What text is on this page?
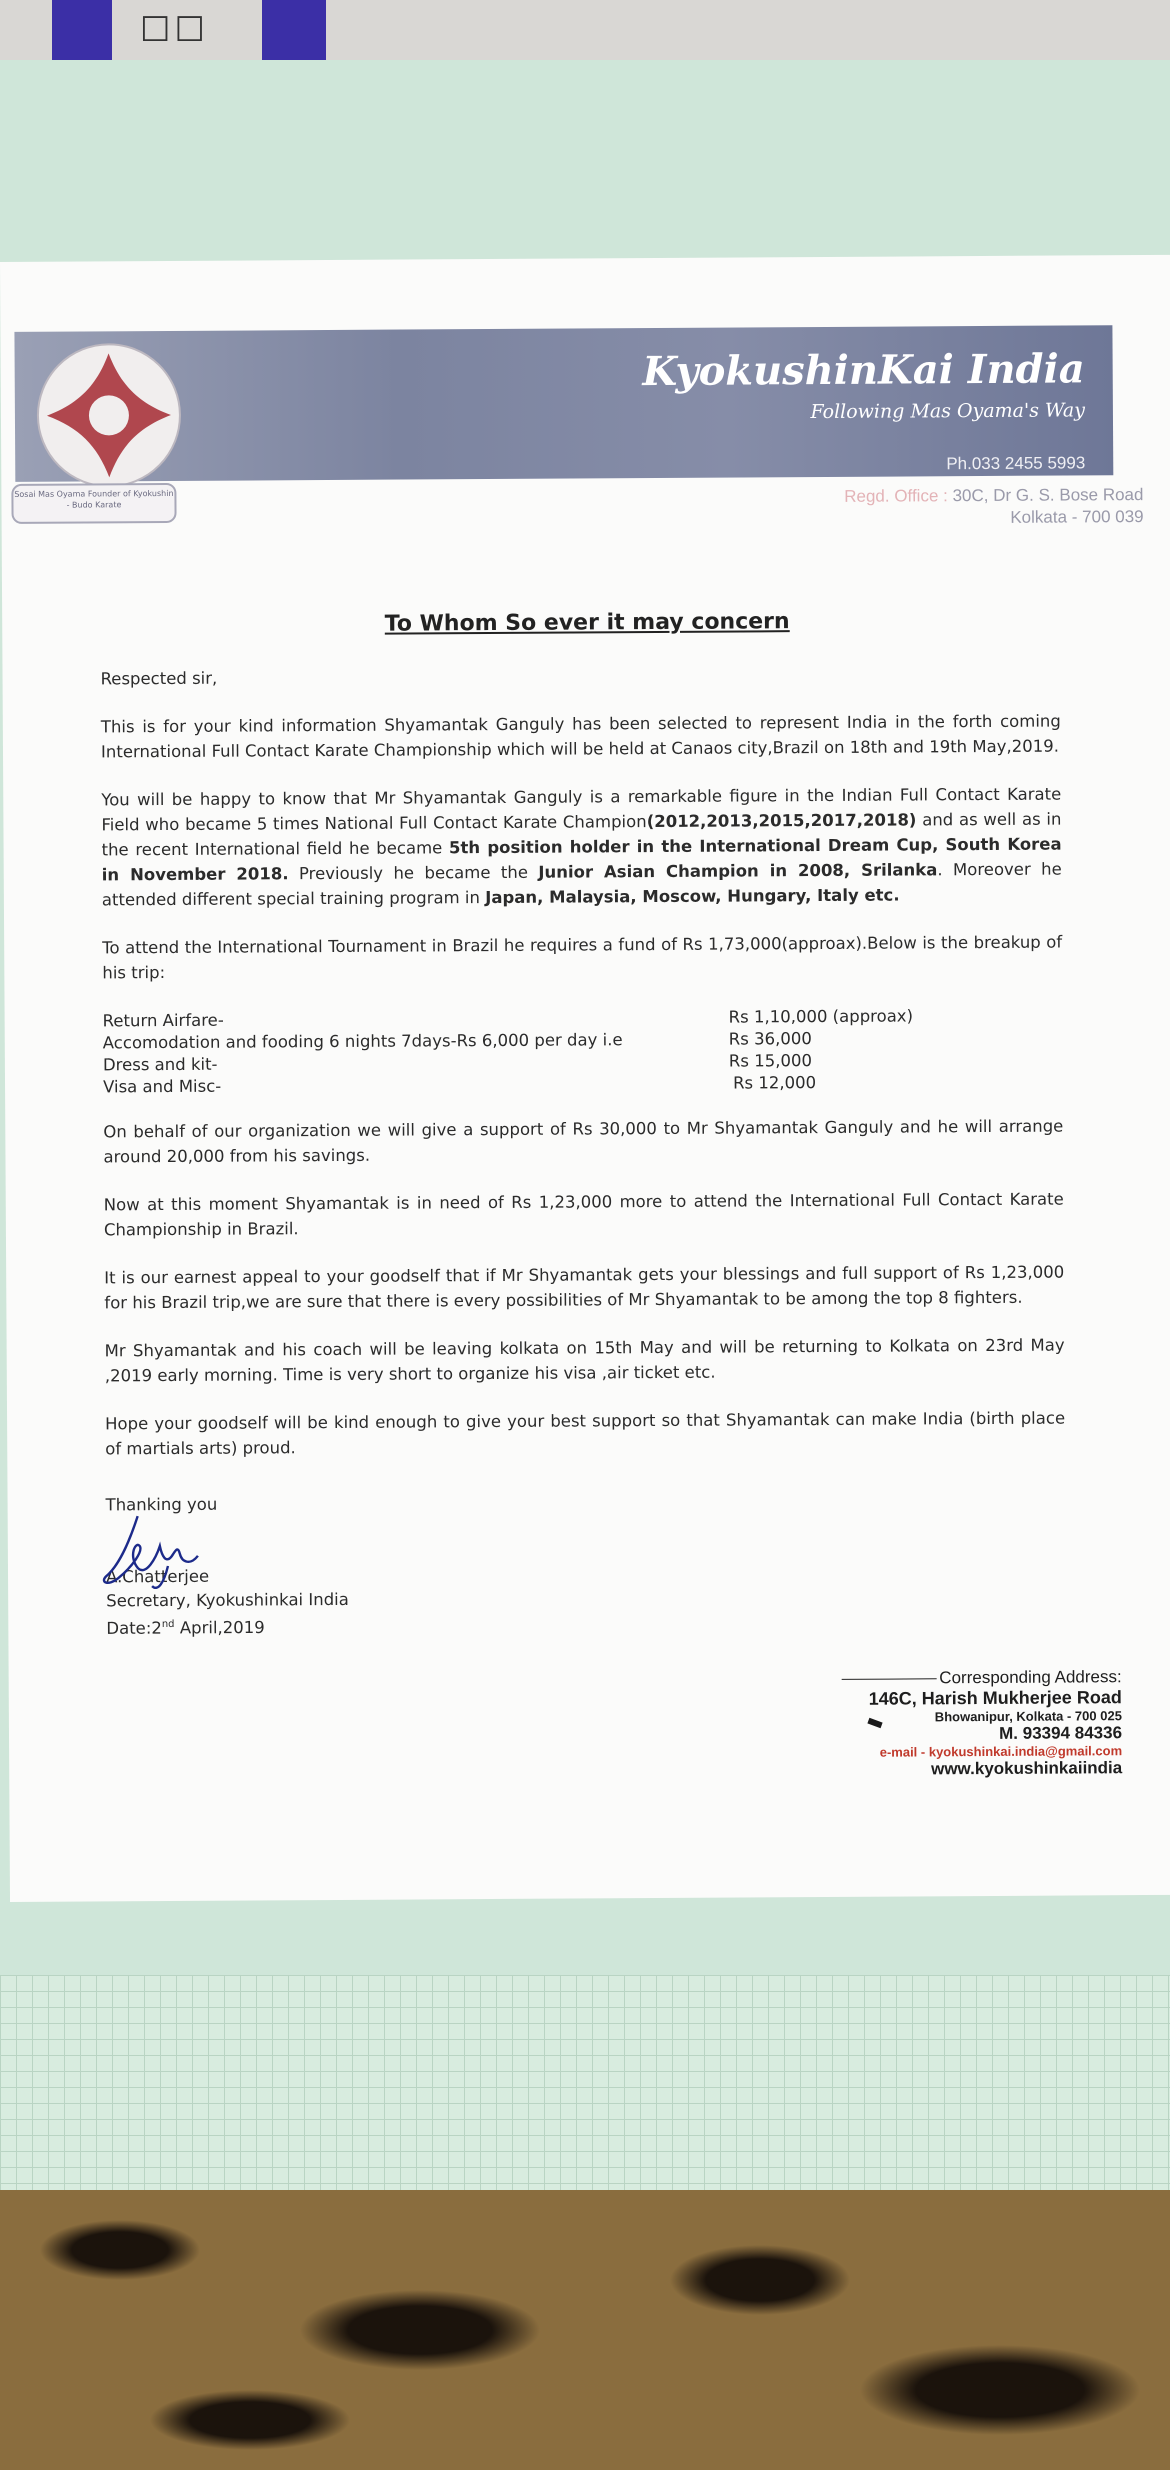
☐☐
KyokushinKai India
Following Mas Oyama's Way
Ph.033 2455 5993
Sosai Mas Oyama Founder of Kyokushin - Budo Karate	Regd. Office : 30C, Dr G. S. Bose Road
Kolkata - 700 039
To Whom So ever it may concern

Respected sir,

This is for your kind information Shyamantak Ganguly has been selected to represent India in the forth coming International Full Contact Karate Championship which will be held at Canaos city,Brazil on 18th and 19th May,2019.

You will be happy to know that Mr Shyamantak Ganguly is a remarkable figure in the Indian Full Contact Karate Field who became 5 times National Full Contact Karate Champion(2012,2013,2015,2017,2018) and as well as in the recent International field he became 5th position holder in the International Dream Cup, South Korea in November 2018. Previously he became the Junior Asian Champion in 2008, Srilanka. Moreover he attended different special training program in Japan, Malaysia, Moscow, Hungary, Italy etc.

To attend the International Tournament in Brazil he requires a fund of Rs 1,73,000(approax).Below is the breakup of his trip:

Return Airfare-	Rs 1,10,000 (approax)
Accomodation and fooding 6 nights 7days-Rs 6,000 per day i.e	Rs 36,000
Dress and kit-	Rs 15,000
Visa and Misc-	Rs 12,000

On behalf of our organization we will give a support of Rs 30,000 to Mr Shyamantak Ganguly and he will arrange around 20,000 from his savings.

Now at this moment Shyamantak is in need of Rs 1,23,000 more to attend the International Full Contact Karate Championship in Brazil.

It is our earnest appeal to your goodself that if Mr Shyamantak gets your blessings and full support of Rs 1,23,000 for his Brazil trip,we are sure that there is every possibilities of Mr Shyamantak to be among the top 8 fighters.

Mr Shyamantak and his coach will be leaving kolkata on 15th May and will be returning to Kolkata on 23rd May ,2019 early morning. Time is very short to organize his visa ,air ticket etc.

Hope your goodself will be kind enough to give your best support so that Shyamantak can make India (birth place of martials arts) proud.

Thanking you
A.Chatterjee
Secretary, Kyokushinkai India
Date:2nd April,2019
Corresponding Address:
146C, Harish Mukherjee Road
Bhowanipur, Kolkata - 700 025
M. 93394 84336
e-mail - kyokushinkai.india@gmail.com
www.kyokushinkaiindia
